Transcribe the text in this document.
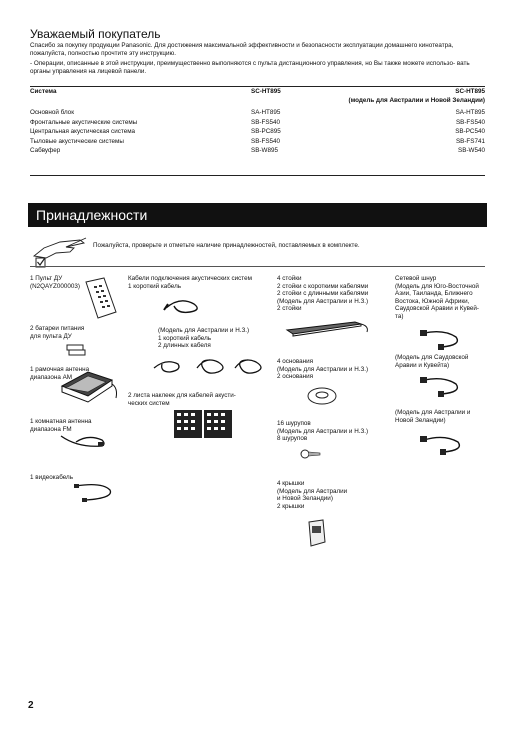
Уважаемый покупатель

Спасибо за покупку продукции Panasonic. Для достижения максимальной эффективности и безопасности эксплуатации домашнего кинотеатра, пожалуйста, полностью прочтите эту инструкцию.

- Операции, описанные в этой инструкции, преимущественно выполняются с пульта дистанционного управления, но Вы также можете использо- вать органы управления на лицевой панели.

Система	SC-HT895	SC-HT895
(модель для Австралии и Новой Зеландии)
Основной блок	SA-HT895	SA-HT895
Фронтальные акустические системы	SB-FS540	SB-FS540
Центральная акустическая система	SB-PC895	SB-PC540
Тыловые акустические системы	SB-FS540	SB-FS741
Сабвуфер	SB-W895	SB-W540
Принадлежности
Пожалуйста, проверьте и отметьте наличие принадлежностей, поставляемых в комплекте.
1 Пульт ДУ
(N2QAYZ000003)
2 батареи питания
для пульта ДУ
1 рамочная антенна
диапазона AM
1 комнатная антенна
диапазона FM
1 видеокабель
Кабели подключения акустических систем
1 короткий кабель
(Модель для Австралии и Н.З.)
1 короткий кабель
2 длинных кабеля
2 листа наклеек для кабелей акусти-
ческих систем
4 стойки
2 стойки с короткими кабелями
2 стойки с длинными кабелями
(Модель для Австралии и Н.З.)
2 стойки
4 основания
(Модель для Австралии и Н.З.)
2 основания
16 шурупов
(Модель для Австралии и Н.З.)
8 шурупов
4 крышки
(Модель для Австралии
и Новой Зеландии)
2 крышки
Сетевой шнур
(Модель для Юго-Восточной
Азии, Таиланда, Ближнего
Востока, Южной Африки,
Саудовской Аравии и Кувей-
та)
(Модель для Саудовской
Аравии и Кувейта)
(Модель для Австралии и
Новой Зеландии)
2
